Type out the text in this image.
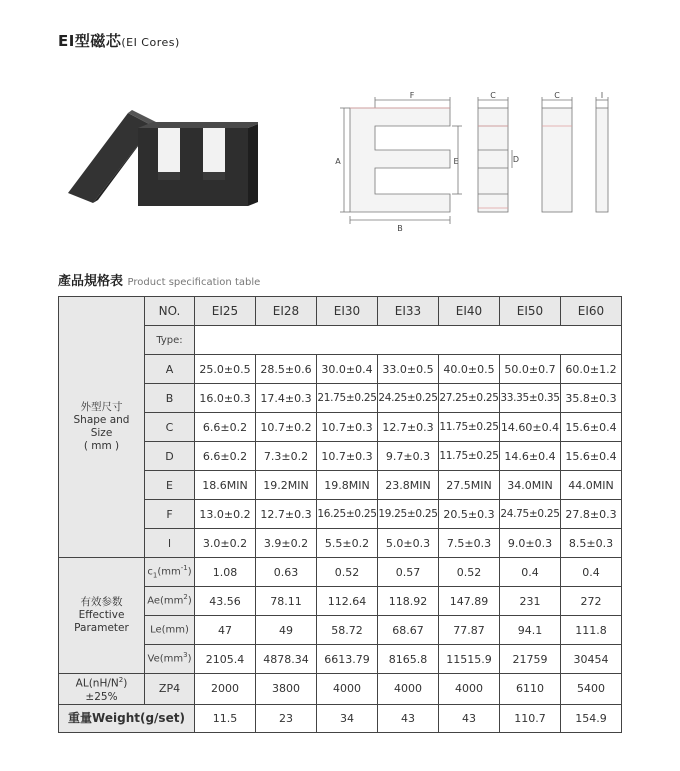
EI型磁芯(EI Cores)
F
A	E
B
D
C	C	l
產品規格表 Product specification table
外型尺寸
Shape and
Size
( mm )	NO.	EI25	EI28	EI30	EI33	EI40	EI50	EI60
	Type:							
	A	25.0±0.5	28.5±0.6	30.0±0.4	33.0±0.5	40.0±0.5	50.0±0.7	60.0±1.2
	B	16.0±0.3	17.4±0.3	21.75±0.25	24.25±0.25	27.25±0.25	33.35±0.35	35.8±0.3
	C	6.6±0.2	10.7±0.2	10.7±0.3	12.7±0.3	11.75±0.25	14.60±0.4	15.6±0.4
	D	6.6±0.2	7.3±0.2	10.7±0.3	9.7±0.3	11.75±0.25	14.6±0.4	15.6±0.4
	E	18.6MIN	19.2MIN	19.8MIN	23.8MIN	27.5MIN	34.0MIN	44.0MIN
	F	13.0±0.2	12.7±0.3	16.25±0.25	19.25±0.25	20.5±0.3	24.75±0.25	27.8±0.3
	l	3.0±0.2	3.9±0.2	5.5±0.2	5.0±0.3	7.5±0.3	9.0±0.3	8.5±0.3

有效参数
Effective
Parameter	$c_1(mm^{-1})$	1.08	0.63	0.52	0.57	0.52	0.4	0.4
	$Ae(mm^2)$	43.56	78.11	112.64	118.92	147.89	231	272
	Le(mm)	47	49	58.72	68.67	77.87	94.1	111.8
	$Ve(mm^3)$	2105.4	4878.34	6613.79	8165.8	11515.9	21759	30454
$AL(nH/N^2)$
±25%	ZP4	2000	3800	4000	4000	4000	6110	5400
重量Weight(g/set)		11.5	23	34	43	43	110.7	154.9
